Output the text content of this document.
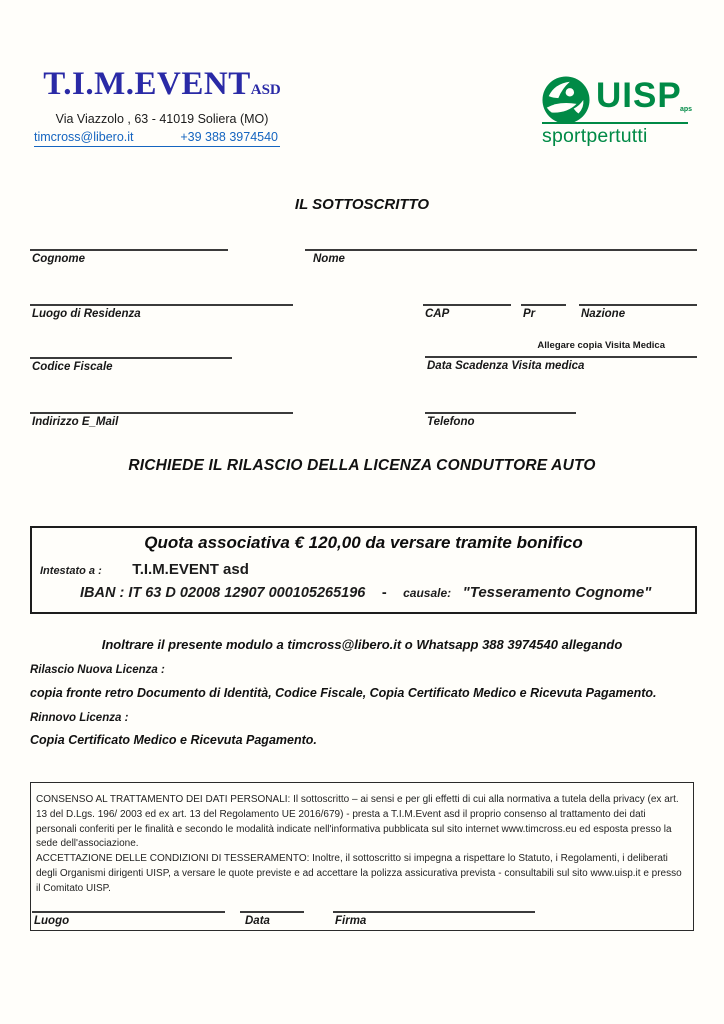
T.I.M.EVENTASD
Via Viazzolo , 63 - 41019 Soliera (MO)
timcross@libero.it	+39 388 3974540
UISP
aps
sportpertutti
IL SOTTOSCRITTO
Cognome	Nome
Luogo di Residenza	CAP	Pr	Nazione
Allegare copia Visita Medica
Codice Fiscale	Data Scadenza Visita medica
Indirizzo E_Mail	Telefono
RICHIEDE IL RILASCIO DELLA LICENZA CONDUTTORE AUTO
Quota associativa € 120,00 da versare tramite bonifico
Intestato a : T.I.M.EVENT asd
IBAN : IT 63 D 02008 12907 000105265196 - causale: "Tesseramento Cognome"
Inoltrare il presente modulo a timcross@libero.it o Whatsapp 388 3974540 allegando
Rilascio Nuova Licenza :
copia fronte retro Documento di Identità, Codice Fiscale, Copia Certificato Medico e Ricevuta Pagamento.
Rinnovo Licenza :
Copia Certificato Medico e Ricevuta Pagamento.

CONSENSO AL TRATTAMENTO DEI DATI PERSONALI: Il sottoscritto – ai sensi e per gli effetti di cui alla normativa a tutela della privacy (ex art. 13 del D.Lgs. 196/ 2003 ed ex art. 13 del Regolamento UE 2016/679) - presta a T.I.M.Event asd il proprio consenso al trattamento dei dati personali conferiti per le finalità e secondo le modalità indicate nell'informativa pubblicata sul sito internet www.timcross.eu ed esposta presso la sede dell'associazione.

ACCETTAZIONE DELLE CONDIZIONI DI TESSERAMENTO: Inoltre, il sottoscritto si impegna a rispettare lo Statuto, i Regolamenti, i deliberati degli Organismi dirigenti UISP, a versare le quote previste e ad accettare la polizza assicurativa prevista - consultabili sul sito www.uisp.it e presso il Comitato UISP.

Luogo	Data	Firma
